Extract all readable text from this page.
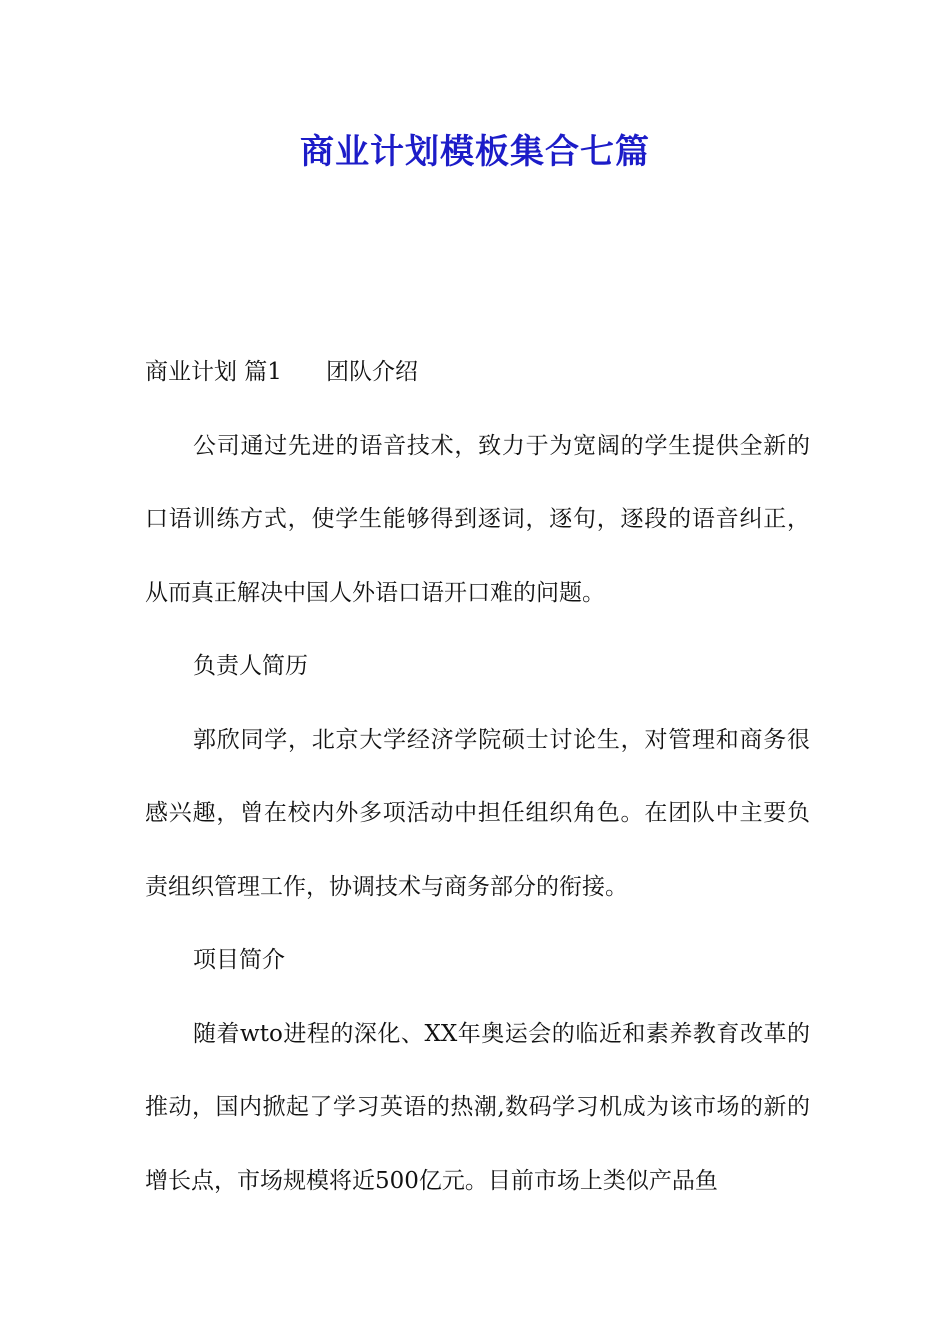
商业计划模板集合七篇

商业计划 篇1 团队介绍

公司通过先进的语音技术，致力于为宽阔的学生提供全新的口语训练方式，使学生能够得到逐词，逐句，逐段的语音纠正，从而真正解决中国人外语口语开口难的问题。

负责人简历

郭欣同学，北京大学经济学院硕士讨论生，对管理和商务很感兴趣，曾在校内外多项活动中担任组织角色。在团队中主要负责组织管理工作，协调技术与商务部分的衔接。

项目简介

随着wto进程的深化、XX年奥运会的临近和素养教育改革的推动，国内掀起了学习英语的热潮,数码学习机成为该市场的新的增长点，市场规模将近500亿元。目前市场上类似产品鱼
